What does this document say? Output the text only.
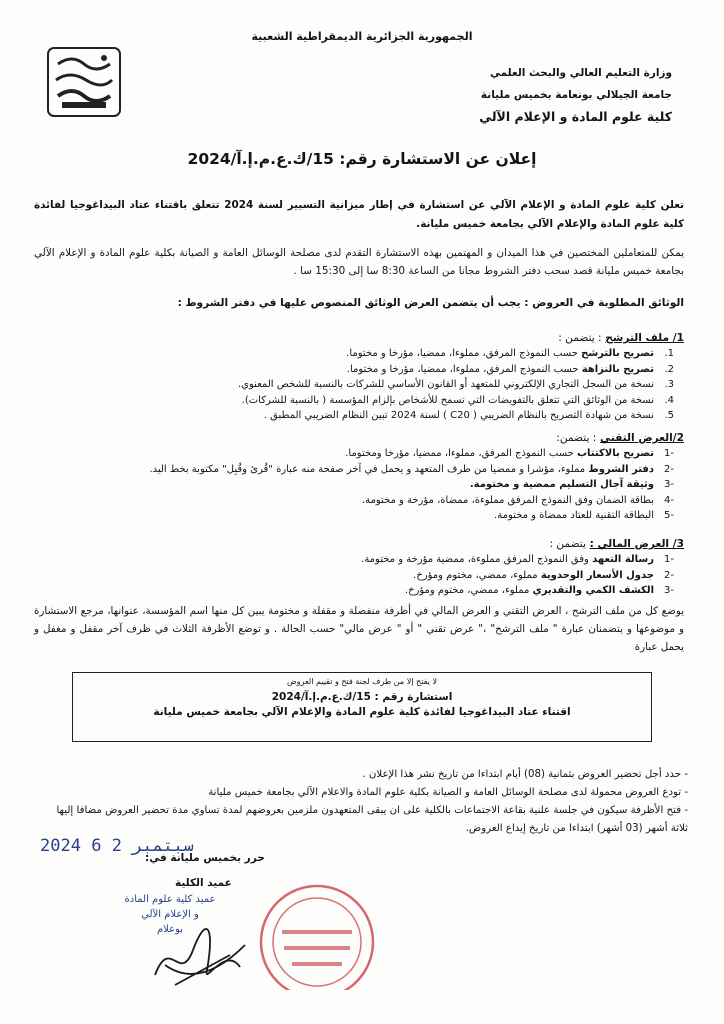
الجمهورية الجزائرية الديمقراطية الشعبية
وزارة التعليم العالي والبحث العلمي
جامعة الجيلالي بونعامة بخميس مليانة
كلية علوم المادة و الإعلام الآلي
إعلان عن الاستشارة رقم: 15/ك.ع.م.إ.آ/2024
تعلن كلية علوم المادة و الإعلام الآلي عن استشارة في إطار ميزانية التسيير لسنة 2024 تتعلق باقتناء عتاد البيداغوجيا لفائدة كلية علوم المادة والإعلام الآلي بجامعة خميس مليانة.
يمكن للمتعاملين المختصين في هذا الميدان و المهتمين بهذه الاستشارة التقدم لدى مصلحة الوسائل العامة و الصيانة بكلية علوم المادة و الإعلام الآلي بجامعة خميس مليانة قصد سحب دفتر الشروط مجانا من الساعة 8:30 سا إلى 15:30 سا .
الوثائق المطلوبة في العروض : يجب أن يتضمن العرض الوثائق المنصوص عليها في دفتر الشروط :
1/ ملف الترشح : يتضمن :
1.
تصريح بالترشح حسب النموذج المرفق، مملوءا، ممضيا، مؤرخا و مختوما.
2.
تصريح بالنزاهة حسب النموذج المرفق، مملوءا، ممضيا، مؤرخا و مختوما.
3.
نسخة من السجل التجاري الإلكتروني للمتعهد أو القانون الأساسي للشركات بالنسبة للشخص المعنوي.
4.
نسخة من الوثائق التي تتعلق بالتفويضات التي تسمح للأشخاص بإلزام المؤسسة ( بالنسبة للشركات).
5.
نسخة من شهادة التصريح بالنظام الضريبي ( C20 ) لسنة 2024 تبين النظام الضريبي المطبق .
2/العرض التقني : يتضمن:
-1
تصريح بالاكتتاب حسب النموذج المرفق، مملوءا، ممضيا، مؤرخا ومختوما.
-2
دفتر الشروط مملوء، مؤشرا و ممضيا من طرف المتعهد و يحمل في آخر صفحة منه عبارة "قُرئ وقُبِل" مكتوبة بخط اليد.
-3
وثيقة آجال التسليم ممضية و مختومة.
-4
بطاقة الضمان وفق النموذج المرفق مملوءة، ممضاة، مؤرخة و مختومة.
-5
البطاقة التقنية للعتاد ممضاة و مختومة.
3/ العرض المالي : يتضمن :
-1
رسالة التعهد وفق النموذج المرفق مملوءة، ممضية مؤرخة و مختومة.
-2
جدول الأسعار الوحدوية مملوء، ممضي، مختوم ومؤرخ.
-3
الكشف الكمي والتقديري مملوء، ممضي، مختوم ومؤرخ.
يوضع كل من ملف الترشح ، العرض التقني و العرض المالي في أظرفة منفصلة و مقفلة و مختومة يبين كل منها اسم المؤسسة، عنوانها، مرجع الاستشارة و موضوعها و يتضمنان عبارة " ملف الترشح" ،" عرض تقني " أو " عرض مالي" حسب الحالة . و توضع الأظرفة الثلاث في ظرف آخر مقفل و مغفل و يحمل عبارة
لا يفتح إلا من طرف لجنة فتح و تقييم العروض
استشارة رقم : 15/ك.ع.م.إ.آ/2024
اقتناء عتاد البيداغوجيا لفائدة كلية علوم المادة والإعلام الآلي بجامعة خميس مليانة
- حدد أجل تحضير العروض بثمانية (08) أيام ابتداءا من تاريخ نشر هذا الإعلان .
- تودع العروض محمولة لدى مصلحة الوسائل العامة و الصيانة بكلية علوم المادة والاعلام الآلي بجامعة خميس مليانة
- فتح الأظرفة سيكون في جلسة علنية بقاعة الاجتماعات بالكلية على ان يبقى المتعهدون ملزمين بعروضهم لمدة تساوي مدة تحضير العروض مضافا إليها ثلاثة أشهر (03 أشهر) ابتداءا من تاريخ إيداع العروض.
2024 سبتمبر 2 6
حرر بخميس مليانة في:
عميد الكلية
عميد كلية علوم المادة
و الإعلام الآلي
بوعلام
